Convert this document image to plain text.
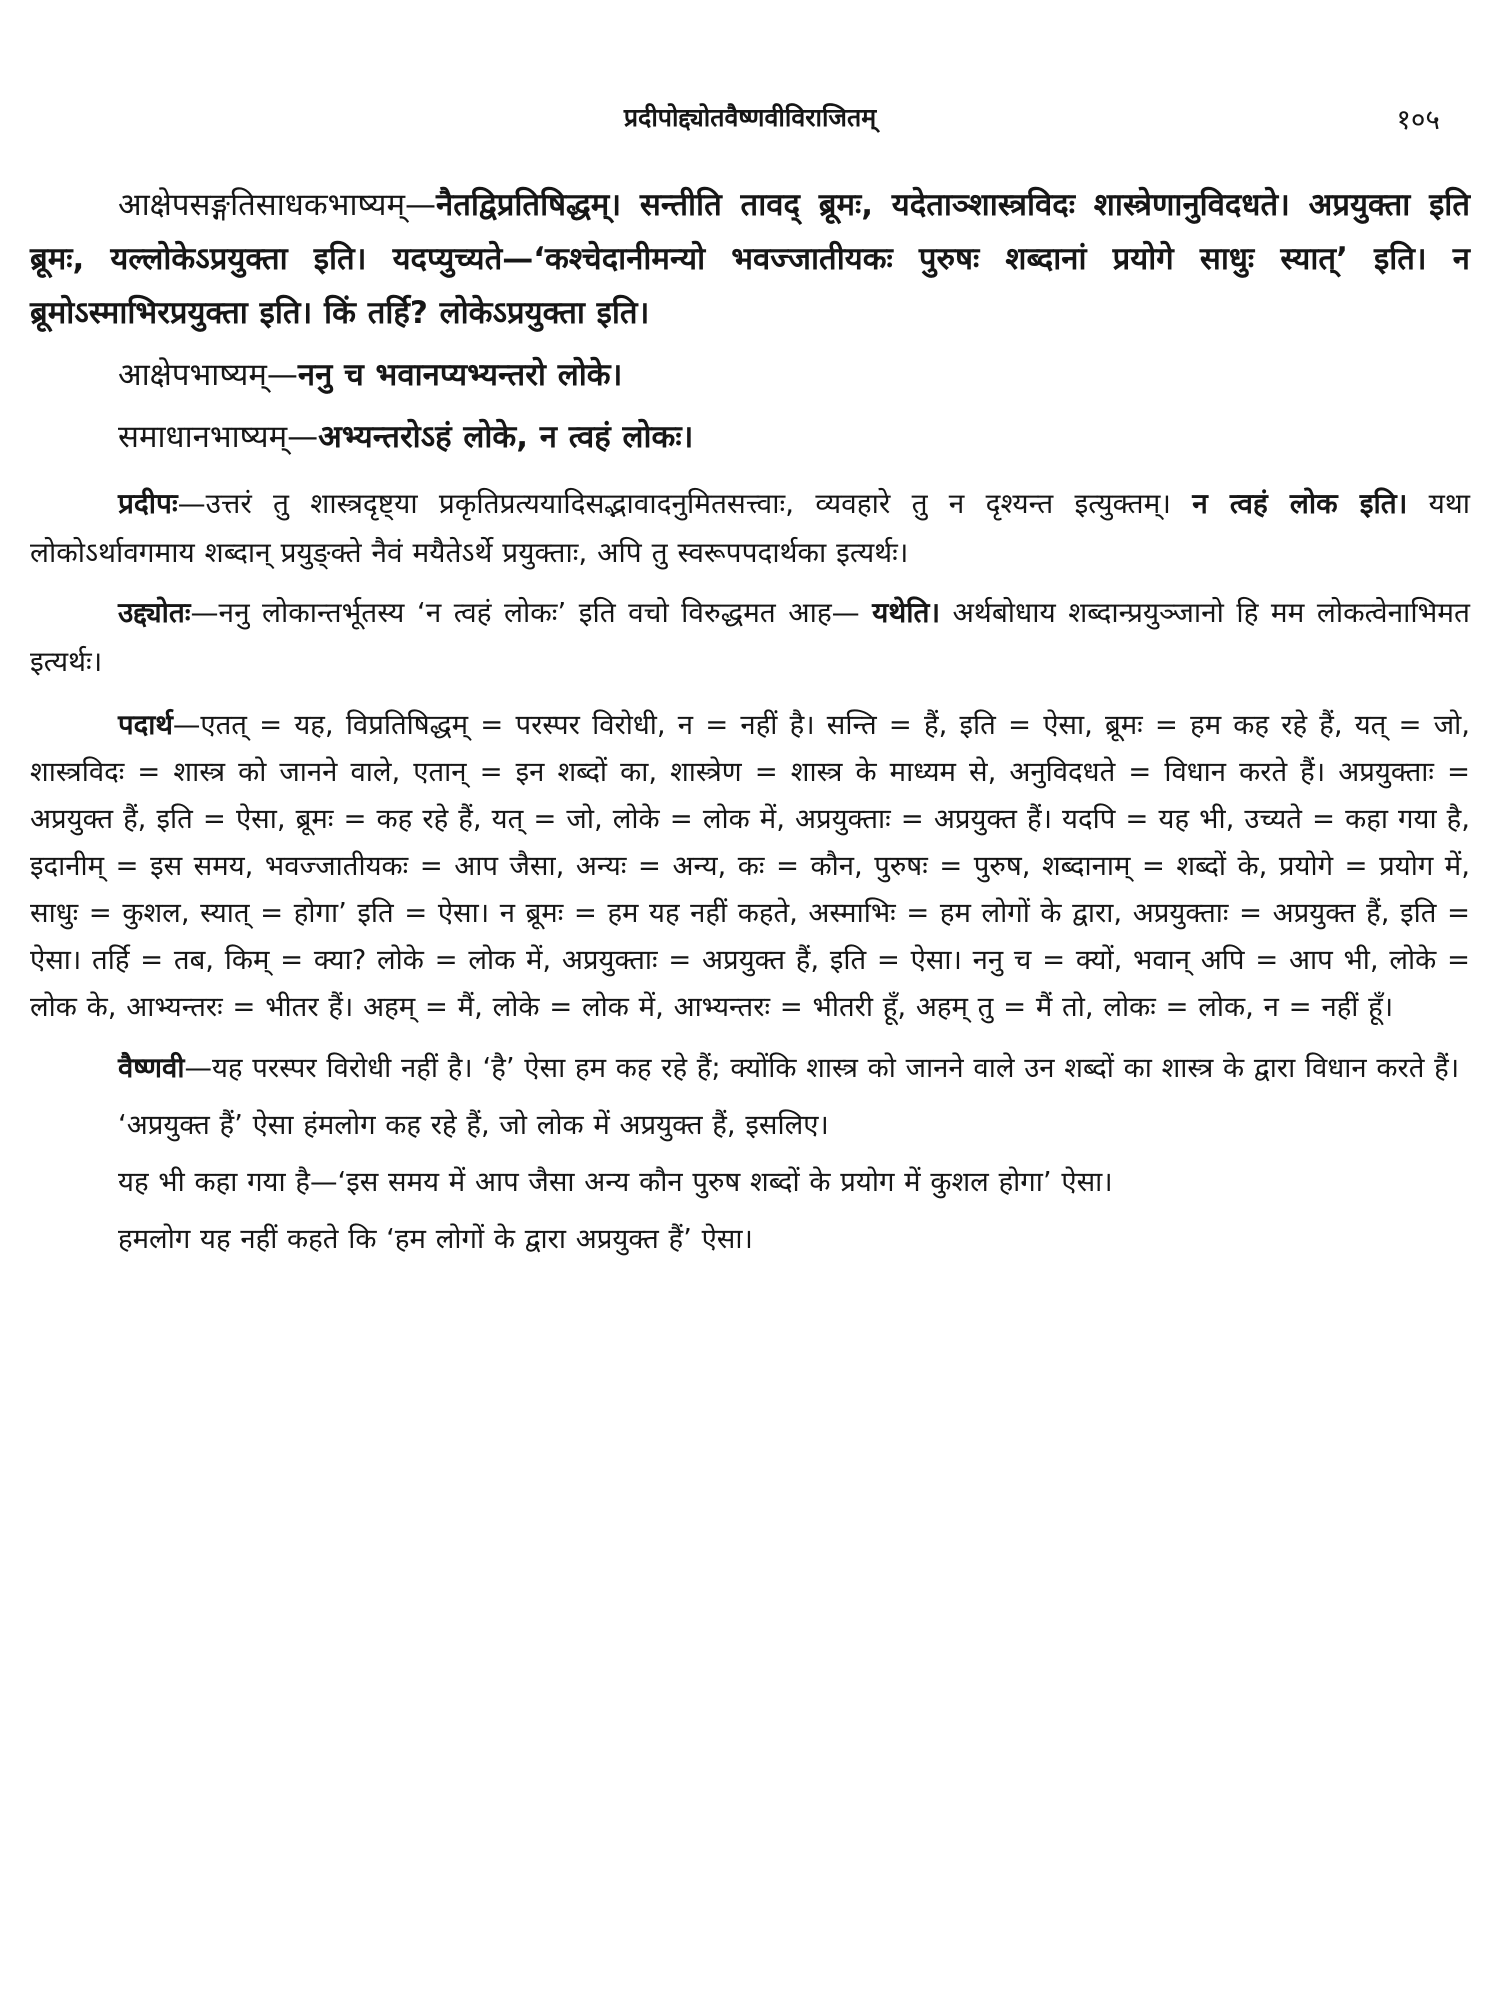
प्रदीपोद्द्योतवैष्णवीविराजितम्	१०५

आक्षेपसङ्गतिसाधकभाष्यम्—नैतद्विप्रतिषिद्धम्। सन्तीति तावद् ब्रूमः, यदेताञ्शास्त्रविदः शास्त्रेणानुविदधते। अप्रयुक्ता इति ब्रूमः, यल्लोकेऽप्रयुक्ता इति। यदप्युच्यते—‘कश्चेदानीमन्यो भवज्जातीयकः पुरुषः शब्दानां प्रयोगे साधुः स्यात्’ इति। न ब्रूमोऽस्माभिरप्रयुक्ता इति। किं तर्हि? लोकेऽप्रयुक्ता इति।

आक्षेपभाष्यम्—ननु च भवानप्यभ्यन्तरो लोके।

समाधानभाष्यम्—अभ्यन्तरोऽहं लोके, न त्वहं लोकः।

प्रदीपः—उत्तरं तु शास्त्रदृष्ट्या प्रकृतिप्रत्ययादिसद्भावादनुमितसत्त्वाः, व्यवहारे तु न दृश्यन्त इत्युक्तम्। न त्वहं लोक इति। यथा लोकोऽर्थावगमाय शब्दान् प्रयुङ्क्ते नैवं मयैतेऽर्थे प्रयुक्ताः, अपि तु स्वरूपपदार्थका इत्यर्थः।

उद्द्योतः—ननु लोकान्तर्भूतस्य ‘न त्वहं लोकः’ इति वचो विरुद्धमत आह— यथेति। अर्थबोधाय शब्दान्प्रयुञ्जानो हि मम लोकत्वेनाभिमत इत्यर्थः।

पदार्थ—एतत् = यह, विप्रतिषिद्धम् = परस्पर विरोधी, न = नहीं है। सन्ति = हैं, इति = ऐसा, ब्रूमः = हम कह रहे हैं, यत् = जो, शास्त्रविदः = शास्त्र को जानने वाले, एतान् = इन शब्दों का, शास्त्रेण = शास्त्र के माध्यम से, अनुविदधते = विधान करते हैं। अप्रयुक्ताः = अप्रयुक्त हैं, इति = ऐसा, ब्रूमः = कह रहे हैं, यत् = जो, लोके = लोक में, अप्रयुक्ताः = अप्रयुक्त हैं। यदपि = यह भी, उच्यते = कहा गया है, इदानीम् = इस समय, भवज्जातीयकः = आप जैसा, अन्यः = अन्य, कः = कौन, पुरुषः = पुरुष, शब्दानाम् = शब्दों के, प्रयोगे = प्रयोग में, साधुः = कुशल, स्यात् = होगा’ इति = ऐसा। न ब्रूमः = हम यह नहीं कहते, अस्माभिः = हम लोगों के द्वारा, अप्रयुक्ताः = अप्रयुक्त हैं, इति = ऐसा। तर्हि = तब, किम् = क्या? लोके = लोक में, अप्रयुक्ताः = अप्रयुक्त हैं, इति = ऐसा। ननु च = क्यों, भवान् अपि = आप भी, लोके = लोक के, आभ्यन्तरः = भीतर हैं। अहम् = मैं, लोके = लोक में, आभ्यन्तरः = भीतरी हूँ, अहम् तु = मैं तो, लोकः = लोक, न = नहीं हूँ।

वैष्णवी—यह परस्पर विरोधी नहीं है। ‘है’ ऐसा हम कह रहे हैं; क्योंकि शास्त्र को जानने वाले उन शब्दों का शास्त्र के द्वारा विधान करते हैं।

‘अप्रयुक्त हैं’ ऐसा हंमलोग कह रहे हैं, जो लोक में अप्रयुक्त हैं, इसलिए।

यह भी कहा गया है—‘इस समय में आप जैसा अन्य कौन पुरुष शब्दों के प्रयोग में कुशल होगा’ ऐसा।

हमलोग यह नहीं कहते कि ‘हम लोगों के द्वारा अप्रयुक्त हैं’ ऐसा।
